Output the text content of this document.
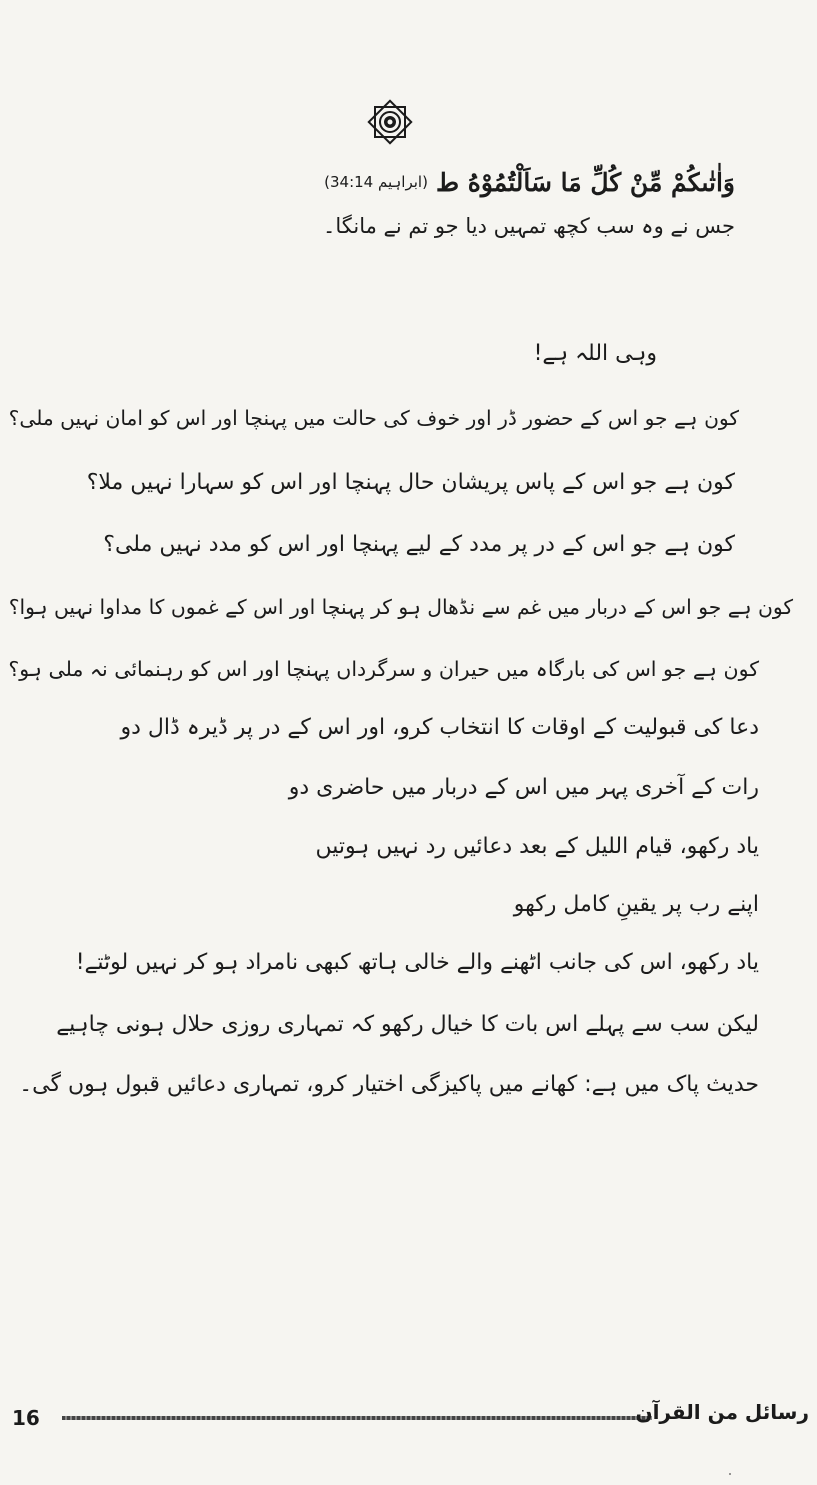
وَاٰتٰىكُمْ مِّنْ كُلِّ مَا سَاَلْتُمُوْهُ ط
(ابراہیم 34:14)
جس نے وہ سب کچھ تمہیں دیا جو تم نے مانگا۔
وہی اللہ ہے!
کون ہے جو اس کے حضور ڈر اور خوف کی حالت میں پہنچا اور اس کو امان نہیں ملی؟
کون ہے جو اس کے پاس پریشان حال پہنچا اور اس کو سہارا نہیں ملا؟
کون ہے جو اس کے در پر مدد کے لیے پہنچا اور اس کو مدد نہیں ملی؟
کون ہے جو اس کے دربار میں غم سے نڈھال ہو کر پہنچا اور اس کے غموں کا مداوا نہیں ہوا؟
کون ہے جو اس کی بارگاہ میں حیران و سرگرداں پہنچا اور اس کو رہنمائی نہ ملی ہو؟
دعا کی قبولیت کے اوقات کا انتخاب کرو، اور اس کے در پر ڈیرہ ڈال دو
رات کے آخری پہر میں اس کے دربار میں حاضری دو
یاد رکھو، قیام اللیل کے بعد دعائیں رد نہیں ہوتیں
اپنے رب پر یقینِ کامل رکھو
یاد رکھو، اس کی جانب اٹھنے والے خالی ہاتھ کبھی نامراد ہو کر نہیں لوٹتے!
لیکن سب سے پہلے اس بات کا خیال رکھو کہ تمہاری روزی حلال ہونی چاہیے
حدیث پاک میں ہے: کھانے میں پاکیزگی اختیار کرو، تمہاری دعائیں قبول ہوں گی۔
16	رسائل من القرآن
